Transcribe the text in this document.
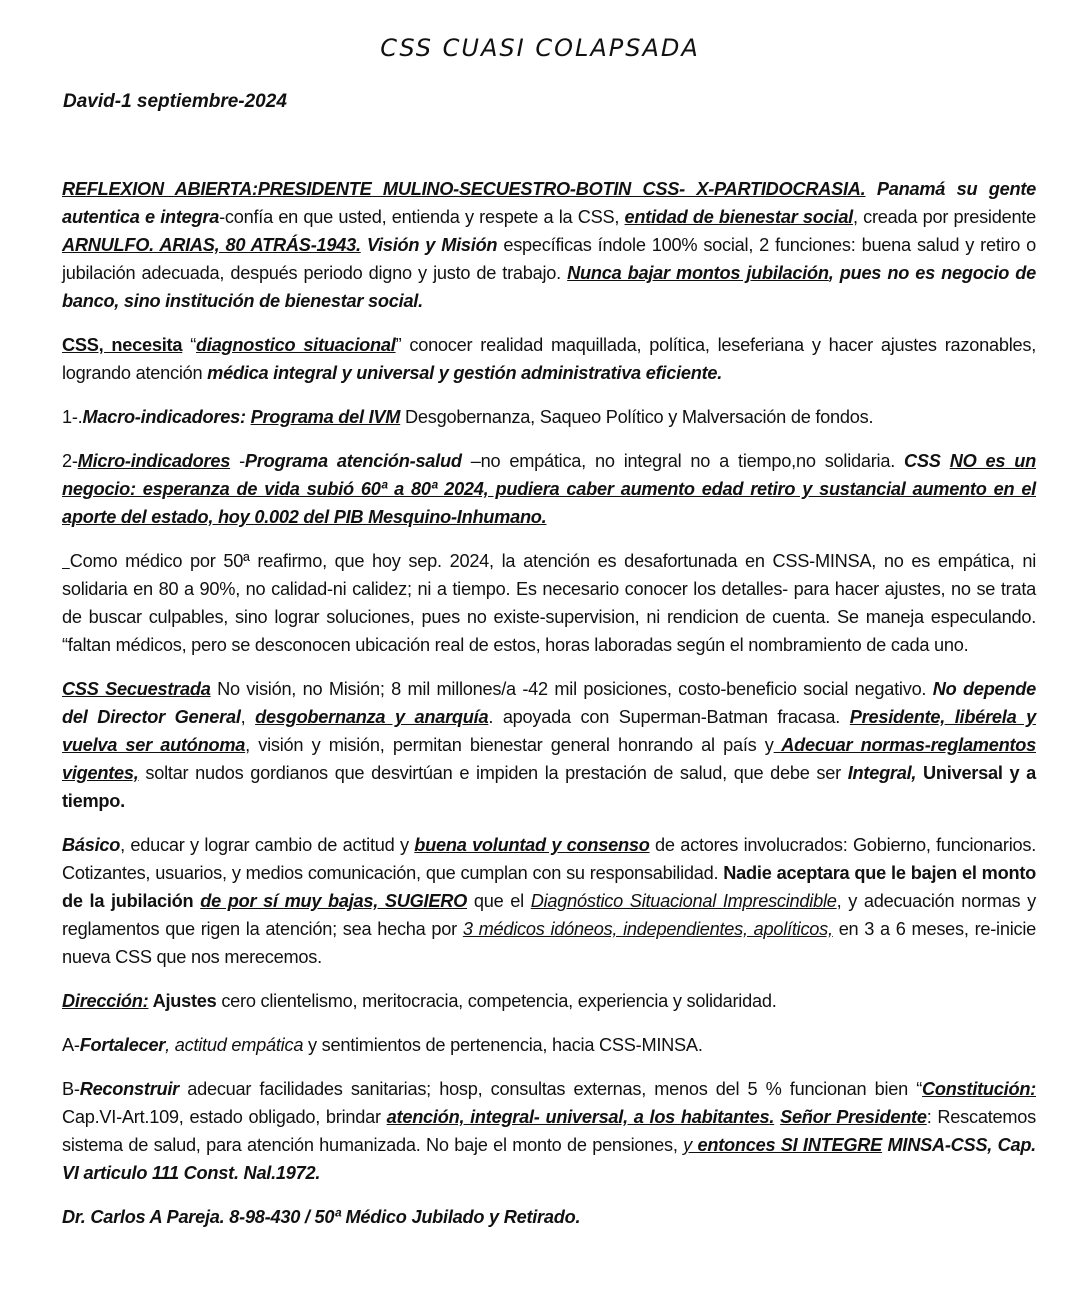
CSS CUASI COLAPSADA
David-1 septiembre-2024

REFLEXION ABIERTA:PRESIDENTE MULINO-SECUESTRO-BOTIN CSS- X-PARTIDOCRASIA. Panamá su gente autentica e integra-confía en que usted, entienda y respete a la CSS, entidad de bienestar social, creada por presidente ARNULFO. ARIAS, 80 ATRÁS-1943. Visión y Misión específicas índole 100% social, 2 funciones: buena salud y retiro o jubilación adecuada, después periodo digno y justo de trabajo. Nunca bajar montos jubilación, pues no es negocio de banco, sino institución de bienestar social.

CSS, necesita “diagnostico situacional” conocer realidad maquillada, política, leseferiana y hacer ajustes razonables, logrando atención médica integral y universal y gestión administrativa eficiente.

1-.Macro-indicadores: Programa del IVM Desgobernanza, Saqueo Político y Malversación de fondos.

2-Micro-indicadores -Programa atención-salud –no empática, no integral no a tiempo,no solidaria. CSS NO es un negocio: esperanza de vida subió 60ª a 80ª 2024, pudiera caber aumento edad retiro y sustancial aumento en el aporte del estado, hoy 0.002 del PIB Mesquino-Inhumano.

Como médico por 50ª reafirmo, que hoy sep. 2024, la atención es desafortunada en CSS-MINSA, no es empática, ni solidaria en 80 a 90%, no calidad-ni calidez; ni a tiempo. Es necesario conocer los detalles- para hacer ajustes, no se trata de buscar culpables, sino lograr soluciones, pues no existe-supervision, ni rendicion de cuenta. Se maneja especulando. “faltan médicos, pero se desconocen ubicación real de estos, horas laboradas según el nombramiento de cada uno.

CSS Secuestrada No visión, no Misión; 8 mil millones/a -42 mil posiciones, costo-beneficio social negativo. No depende del Director General, desgobernanza y anarquía. apoyada con Superman-Batman fracasa. Presidente, libérela y vuelva ser autónoma, visión y misión, permitan bienestar general honrando al país y Adecuar normas-reglamentos vigentes, soltar nudos gordianos que desvirtúan e impiden la prestación de salud, que debe ser Integral, Universal y a tiempo.

Básico, educar y lograr cambio de actitud y buena voluntad y consenso de actores involucrados: Gobierno, funcionarios. Cotizantes, usuarios, y medios comunicación, que cumplan con su responsabilidad. Nadie aceptara que le bajen el monto de la jubilación de por sí muy bajas, SUGIERO que el Diagnóstico Situacional Imprescindible, y adecuación normas y reglamentos que rigen la atención; sea hecha por 3 médicos idóneos, independientes, apolíticos, en 3 a 6 meses, re-inicie nueva CSS que nos merecemos.

Dirección: Ajustes cero clientelismo, meritocracia, competencia, experiencia y solidaridad.

A-Fortalecer, actitud empática y sentimientos de pertenencia, hacia CSS-MINSA.

B-Reconstruir adecuar facilidades sanitarias; hosp, consultas externas, menos del 5 % funcionan bien “Constitución: Cap.VI-Art.109, estado obligado, brindar atención, integral- universal, a los habitantes. Señor Presidente: Rescatemos sistema de salud, para atención humanizada. No baje el monto de pensiones, y entonces SI INTEGRE MINSA-CSS, Cap. VI articulo 111 Const. Nal.1972.

Dr. Carlos A Pareja. 8-98-430 / 50ª Médico Jubilado y Retirado.
